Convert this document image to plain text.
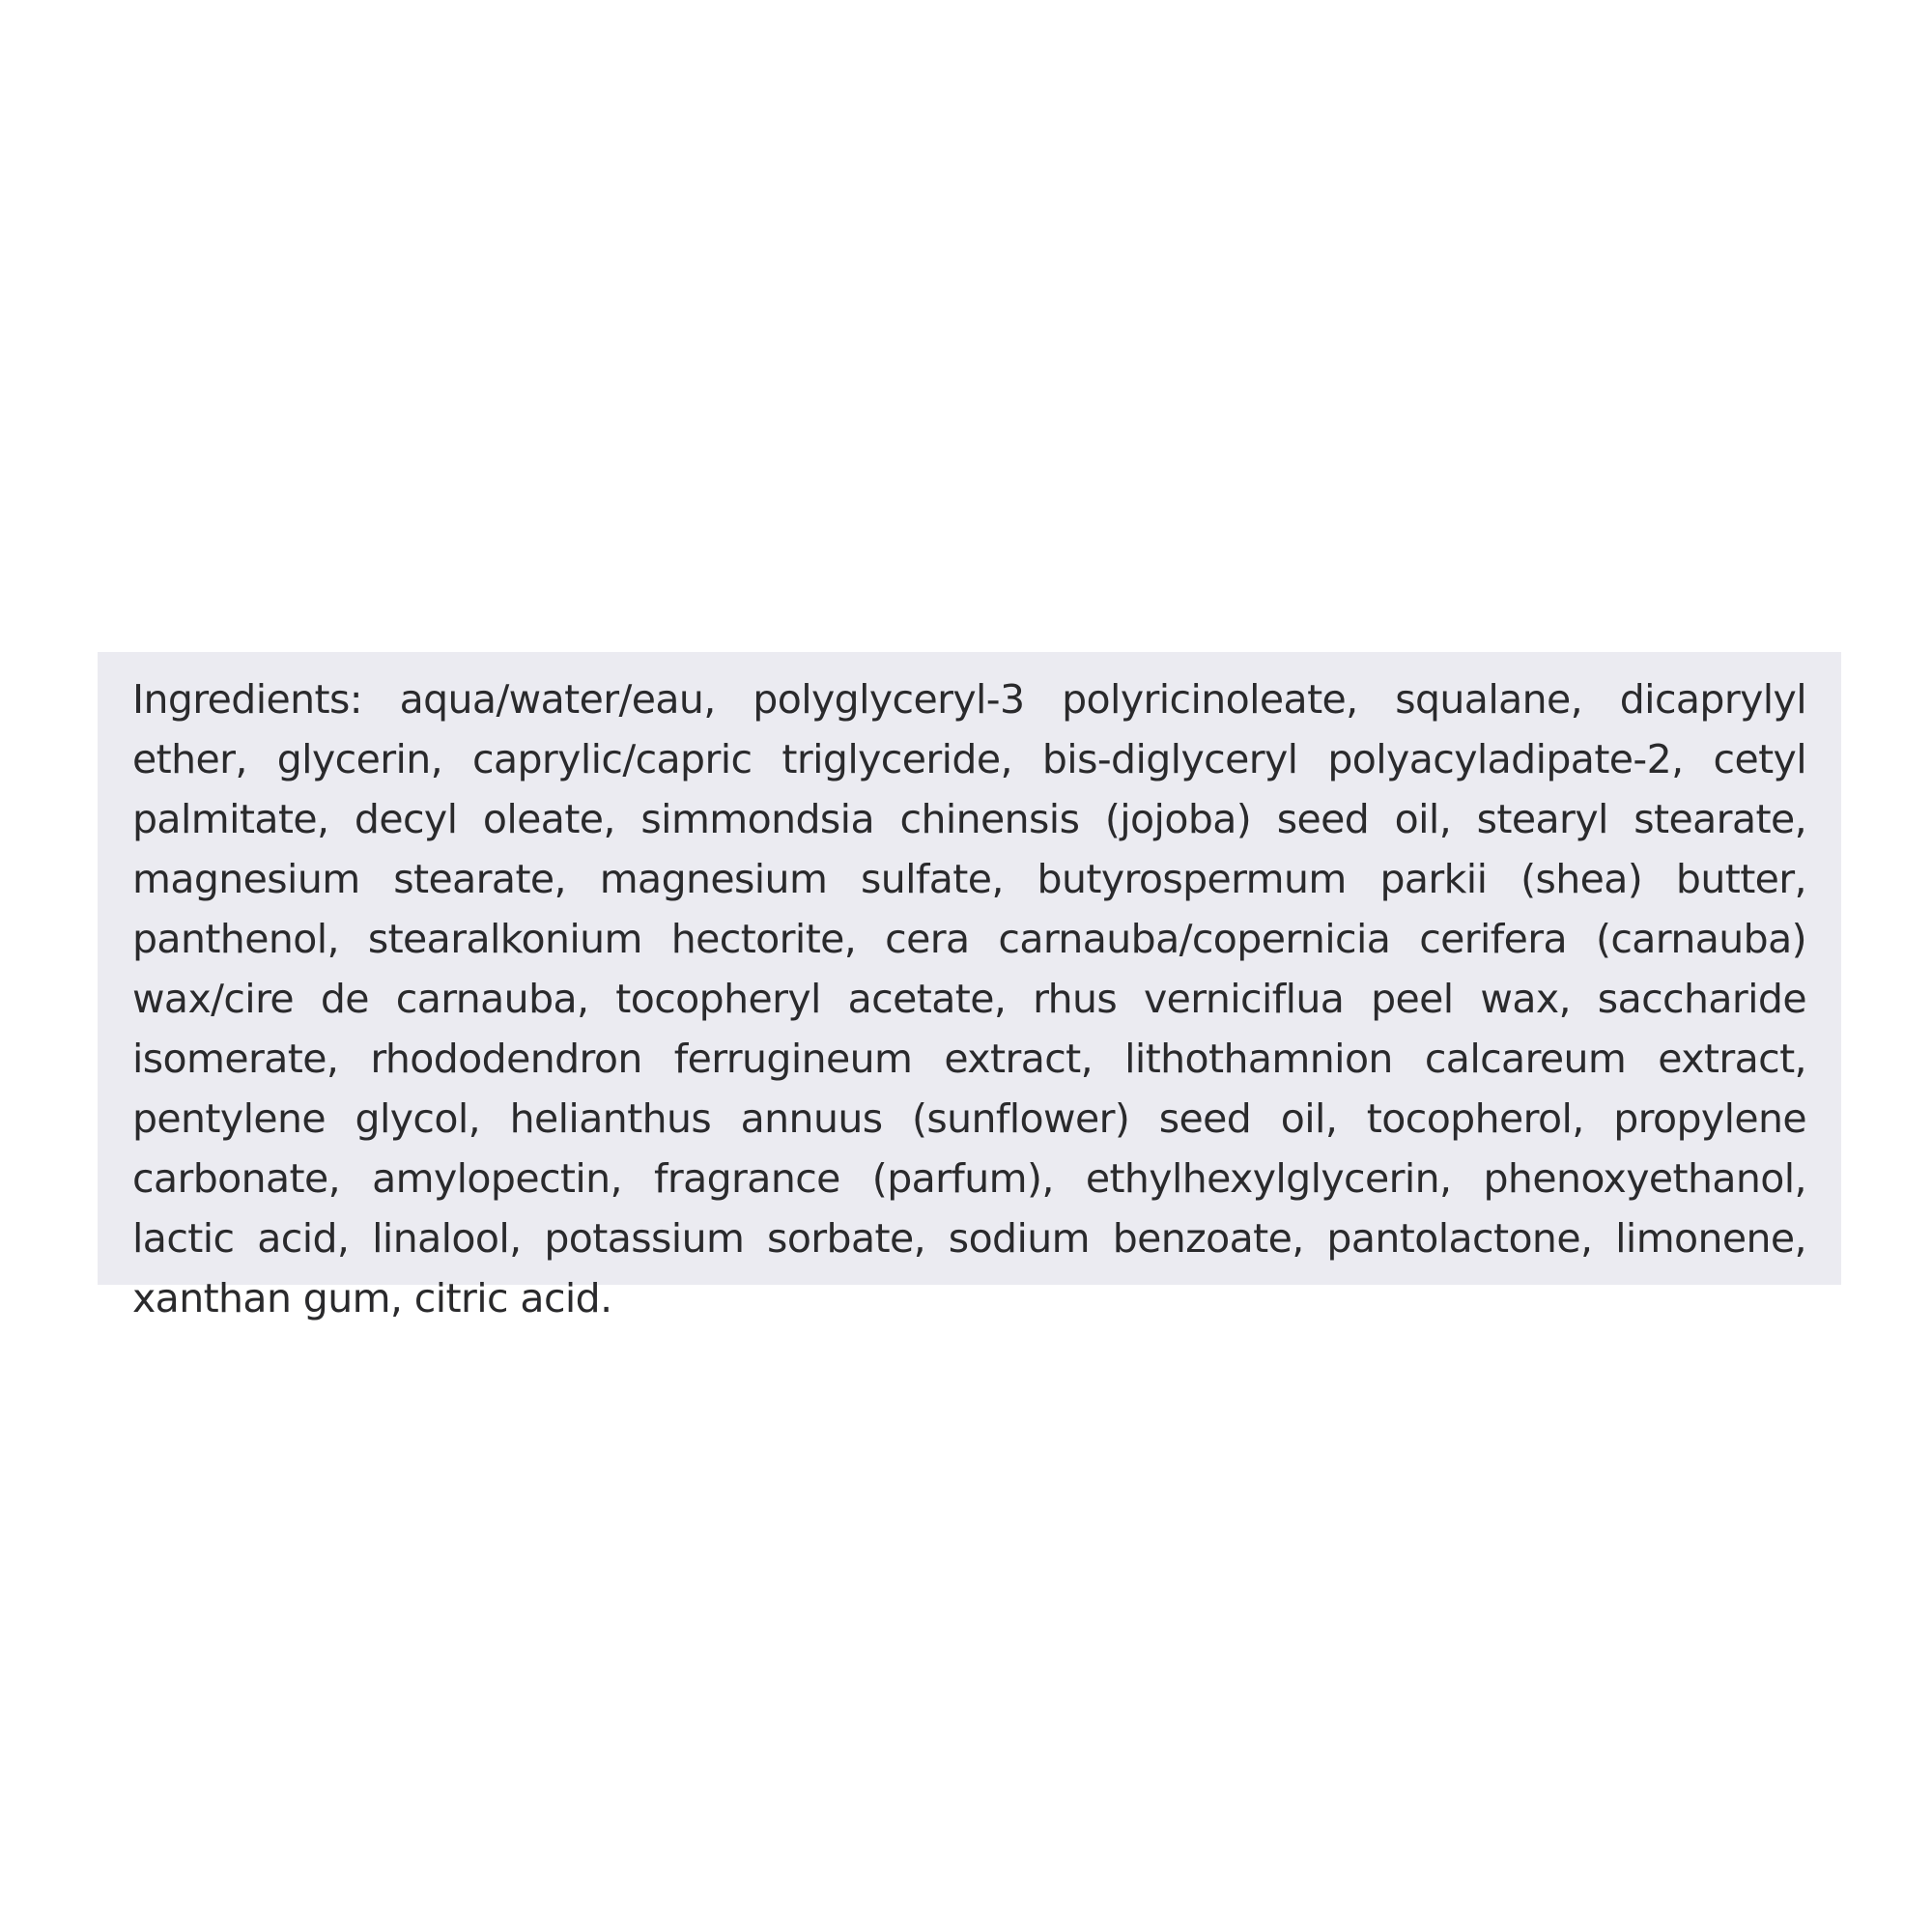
Ingredients: aqua/water/eau, polyglyceryl-3 polyricinoleate, squalane, dicaprylyl ether, glycerin, caprylic/capric triglyceride, bis-diglyceryl polyacyladipate-2, cetyl palmitate, decyl oleate, simmondsia chinensis (jojoba) seed oil, stearyl stearate, magnesium stearate, magnesium sulfate, butyrospermum parkii (shea) butter, panthenol, stearalkonium hectorite, cera carnauba/copernicia cerifera (carnauba) wax/cire de carnauba, tocopheryl acetate, rhus verniciflua peel wax, saccharide isomerate, rhododendron ferrugineum extract, lithothamnion calcareum extract, pentylene glycol, helianthus annuus (sunflower) seed oil, tocopherol, propylene carbonate, amylopectin, fragrance (parfum), ethylhexylglycerin, phenoxyethanol, lactic acid, linalool, potassium sorbate, sodium benzoate, pantolactone, limonene, xanthan gum, citric acid.
